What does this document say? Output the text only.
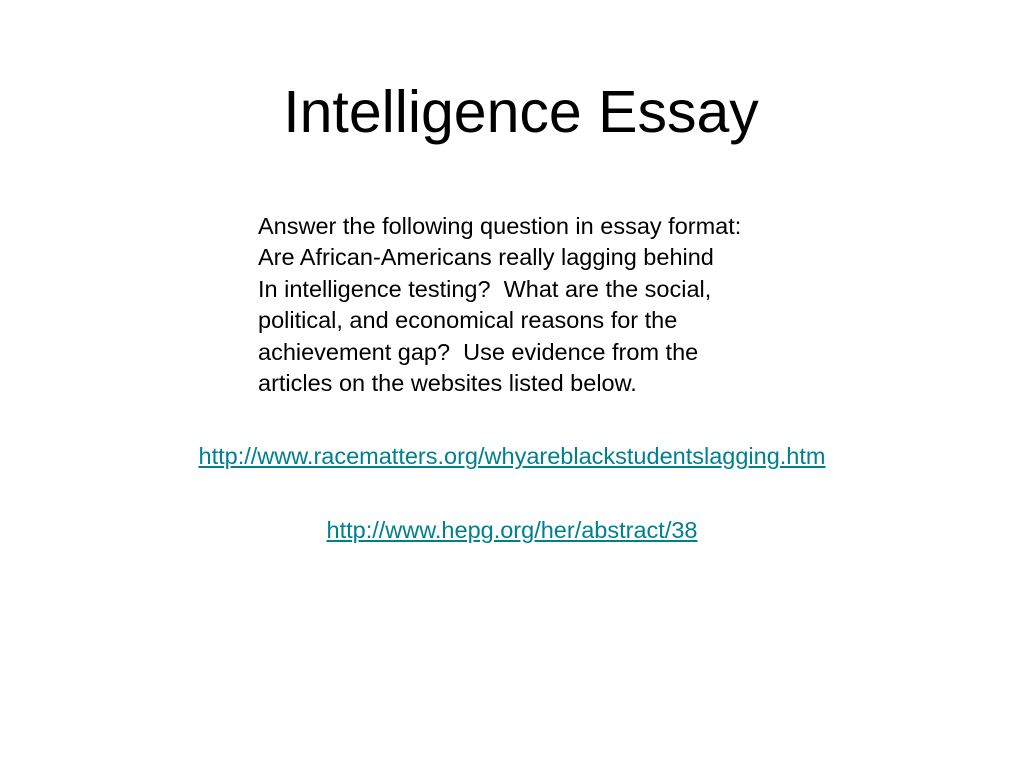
Intelligence Essay
Answer the following question in essay format:
Are African-Americans really lagging behind
In intelligence testing?  What are the social,
political, and economical reasons for the
achievement gap?  Use evidence from the
articles on the websites listed below.

http://www.racematters.org/whyareblackstudentslagging.htm

http://www.hepg.org/her/abstract/38
